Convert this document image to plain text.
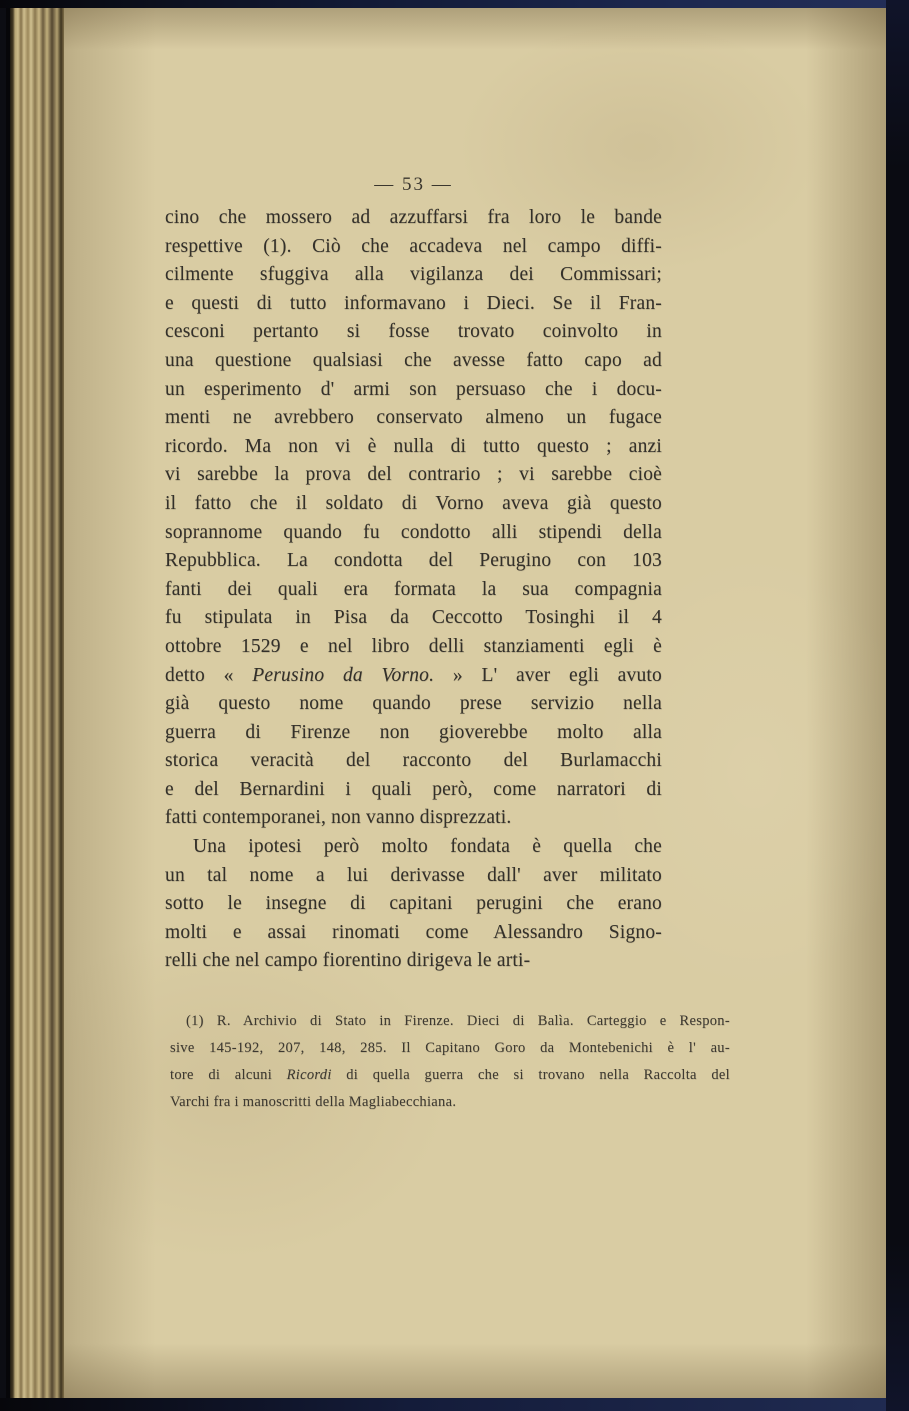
— 53 —
cino che mossero ad azzuffarsi fra loro le bande
respettive (1). Ciò che accadeva nel campo diffi-
cilmente sfuggiva alla vigilanza dei Commissari;
e questi di tutto informavano i Dieci. Se il Fran-
cesconi pertanto si fosse trovato coinvolto in
una questione qualsiasi che avesse fatto capo ad
un esperimento d' armi son persuaso che i docu-
menti ne avrebbero conservato almeno un fugace
ricordo. Ma non vi è nulla di tutto questo ; anzi
vi sarebbe la prova del contrario ; vi sarebbe cioè
il fatto che il soldato di Vorno aveva già questo
soprannome quando fu condotto alli stipendi della
Repubblica. La condotta del Perugino con 103
fanti dei quali era formata la sua compagnia
fu stipulata in Pisa da Ceccotto Tosinghi il 4
ottobre 1529 e nel libro delli stanziamenti egli è
detto « Perusino da Vorno. » L' aver egli avuto
già questo nome quando prese servizio nella
guerra di Firenze non gioverebbe molto alla
storica veracità del racconto del Burlamacchi
e del Bernardini i quali però, come narratori di
fatti contemporanei, non vanno disprezzati.
Una ipotesi però molto fondata è quella che
un tal nome a lui derivasse dall' aver militato
sotto le insegne di capitani perugini che erano
molti e assai rinomati come Alessandro Signo-
relli che nel campo fiorentino dirigeva le arti-
(1) R. Archivio di Stato in Firenze. Dieci di Balìa. Carteggio e Respon-
sive 145-192, 207, 148, 285. Il Capitano Goro da Montebenichi è l' au-
tore di alcuni Ricordi di quella guerra che si trovano nella Raccolta del
Varchi fra i manoscritti della Magliabecchiana.
